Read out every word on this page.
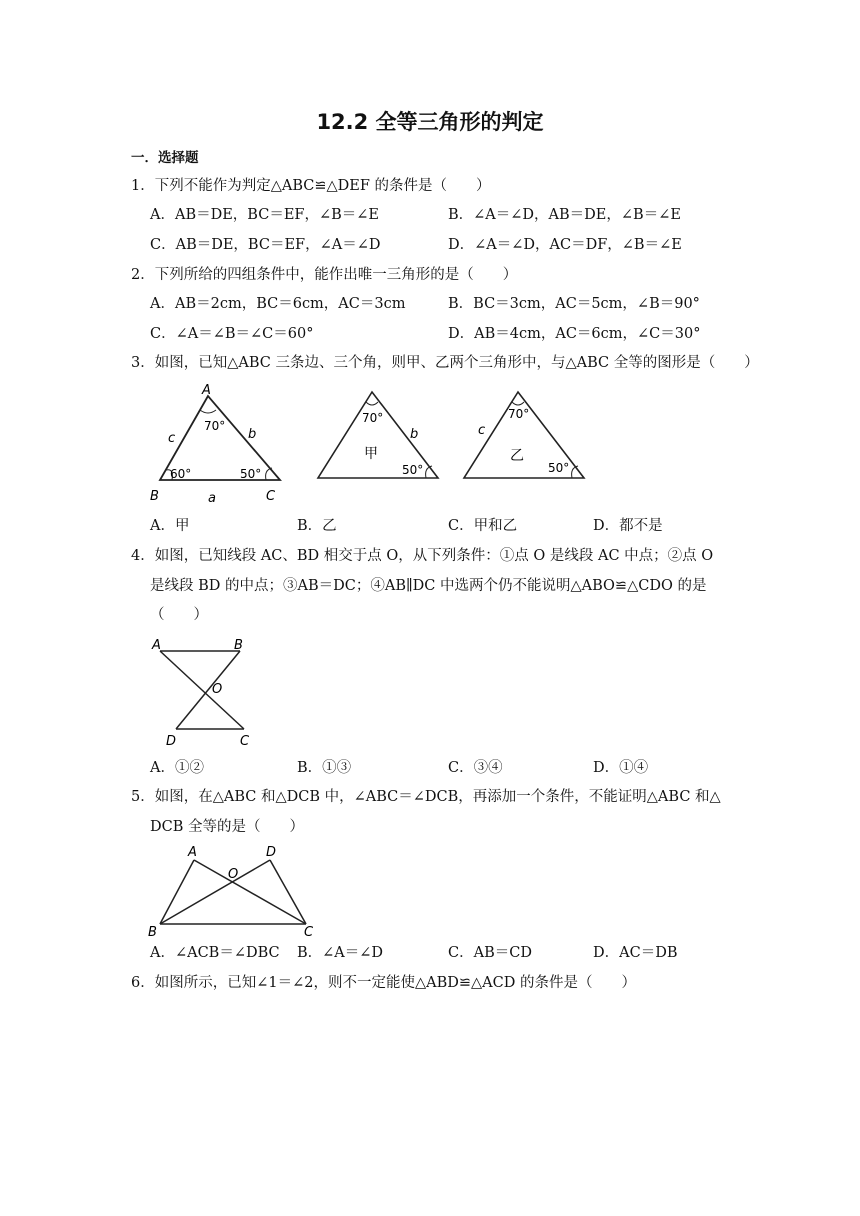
12.2 全等三角形的判定
一．选择题
1．下列不能作为判定△ABC≌△DEF 的条件是（　　）
A．AB＝DE，BC＝EF，∠B＝∠E	B．∠A＝∠D，AB＝DE，∠B＝∠E
C．AB＝DE，BC＝EF，∠A＝∠D	D．∠A＝∠D，AC＝DF，∠B＝∠E
2．下列所给的四组条件中，能作出唯一三角形的是（　　）
A．AB＝2cm，BC＝6cm，AC＝3cm	B．BC＝3cm，AC＝5cm，∠B＝90°
C．∠A＝∠B＝∠C＝60°	D．AB＝4cm，AC＝6cm，∠C＝30°
3．如图，已知△ABC 三条边、三个角，则甲、乙两个三角形中，与△ABC 全等的图形是（　　）
A
B	C
a
b
c
70°
60°	50°
70°
50°
b
甲
70°
50°
c
乙
A．甲	B．乙	C．甲和乙	D．都不是
4．如图，已知线段 AC、BD 相交于点 O，从下列条件：①点 O 是线段 AC 中点；②点 O
是线段 BD 的中点；③AB＝DC；④AB∥DC 中选两个仍不能说明△ABO≌△CDO 的是
（　　）
A	B
O
D	C
A．①②	B．①③	C．③④	D．①④
5．如图，在△ABC 和△DCB 中，∠ABC＝∠DCB，再添加一个条件，不能证明△ABC 和△
DCB 全等的是（　　）
A	D
O
B	C
A．∠ACB＝∠DBC B．∠A＝∠D	C．AB＝CD	D．AC＝DB
6．如图所示，已知∠1＝∠2，则不一定能使△ABD≌△ACD 的条件是（　　）
